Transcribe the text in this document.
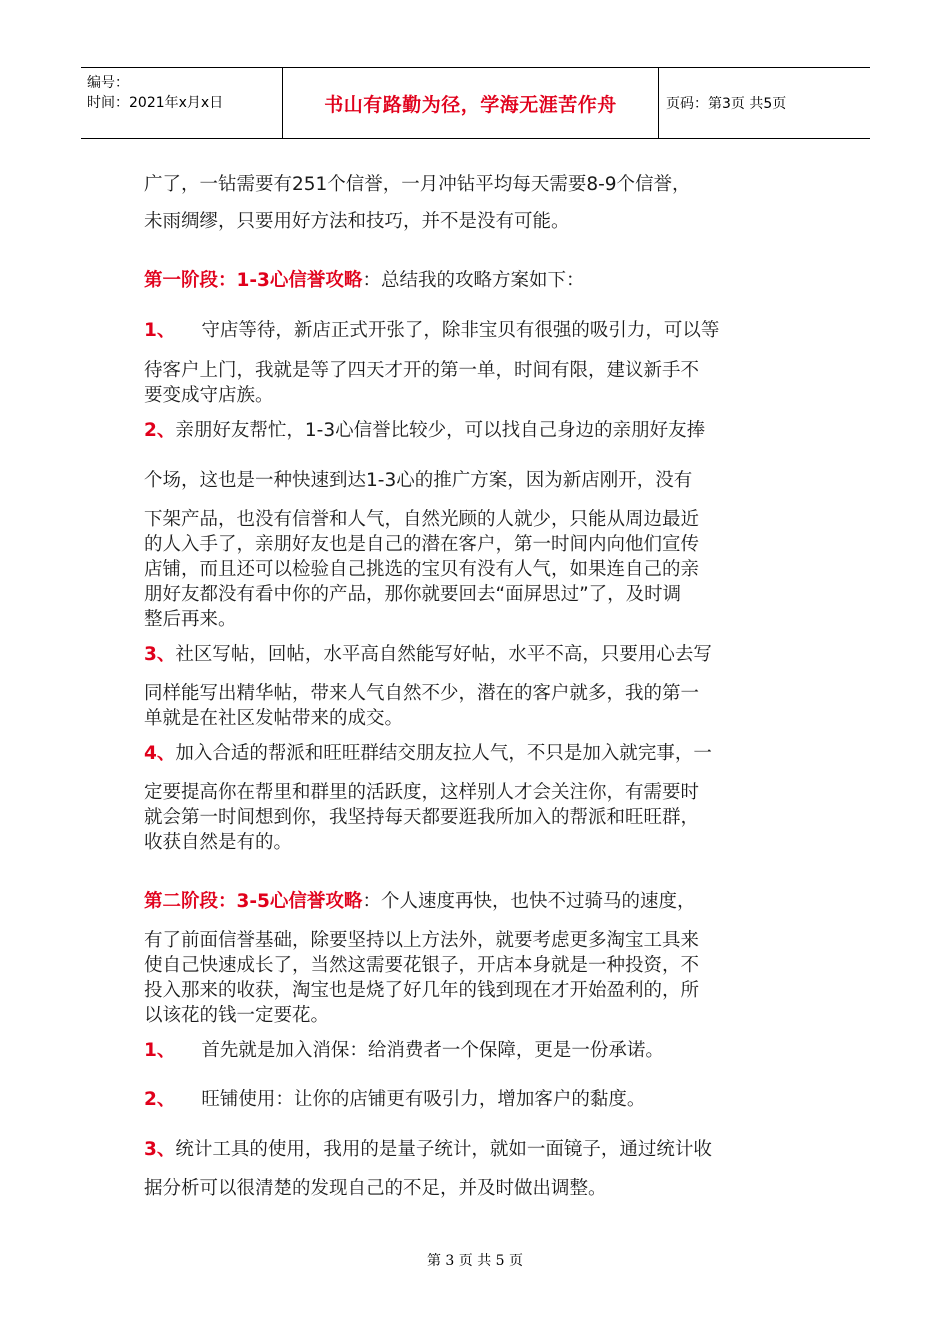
编号：
时间：2021年x月x日	书山有路勤为径，学海无涯苦作舟	页码：第3页 共5页
广了，一钻需要有251个信誉，一月冲钻平均每天需要8-9个信誉，
未雨绸缪，只要用好方法和技巧，并不是没有可能。
第一阶段：1-3心信誉攻略：总结我的攻略方案如下：
1、 守店等待，新店正式开张了，除非宝贝有很强的吸引力，可以等
待客户上门，我就是等了四天才开的第一单，时间有限，建议新手不
要变成守店族。
2、亲朋好友帮忙，1-3心信誉比较少，可以找自己身边的亲朋好友捧
个场，这也是一种快速到达1-3心的推广方案，因为新店刚开，没有
下架产品，也没有信誉和人气，自然光顾的人就少，只能从周边最近
的人入手了，亲朋好友也是自己的潜在客户，第一时间内向他们宣传
店铺，而且还可以检验自己挑选的宝贝有没有人气，如果连自己的亲
朋好友都没有看中你的产品，那你就要回去“面屏思过”了，及时调
整后再来。
3、社区写帖，回帖，水平高自然能写好帖，水平不高，只要用心去写
同样能写出精华帖，带来人气自然不少，潜在的客户就多，我的第一
单就是在社区发帖带来的成交。
4、加入合适的帮派和旺旺群结交朋友拉人气，不只是加入就完事，一
定要提高你在帮里和群里的活跃度，这样别人才会关注你，有需要时
就会第一时间想到你，我坚持每天都要逛我所加入的帮派和旺旺群，
收获自然是有的。
第二阶段：3-5心信誉攻略：个人速度再快，也快不过骑马的速度，
有了前面信誉基础，除要坚持以上方法外，就要考虑更多淘宝工具来
使自己快速成长了，当然这需要花银子，开店本身就是一种投资，不
投入那来的收获，淘宝也是烧了好几年的钱到现在才开始盈利的，所
以该花的钱一定要花。
1、 首先就是加入消保：给消费者一个保障，更是一份承诺。
2、 旺铺使用：让你的店铺更有吸引力，增加客户的黏度。
3、统计工具的使用，我用的是量子统计，就如一面镜子，通过统计收
据分析可以很清楚的发现自己的不足，并及时做出调整。
第 3 页 共 5 页
